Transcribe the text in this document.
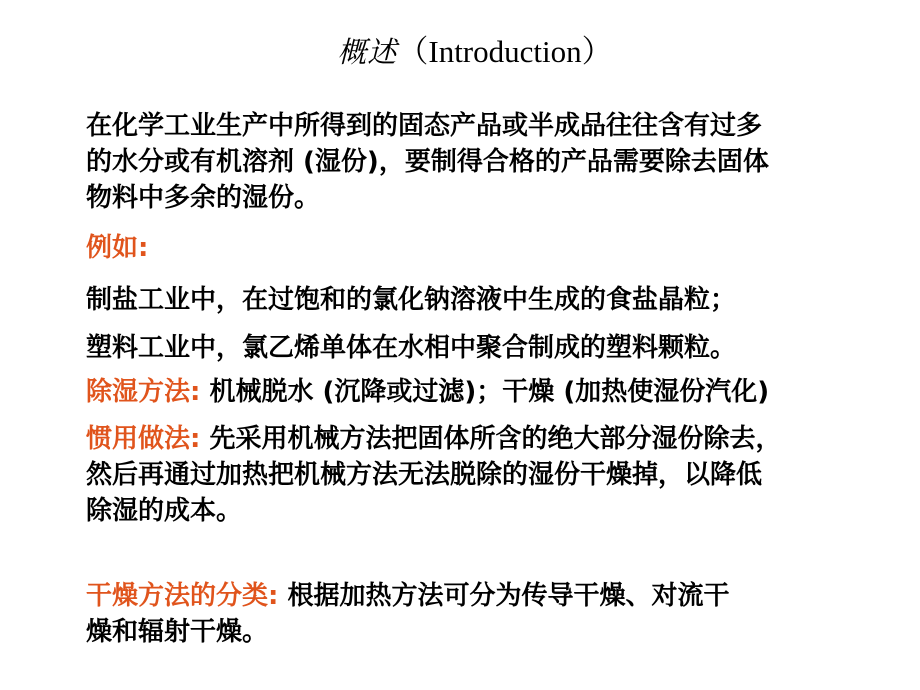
概述（Introduction）
在化学工业生产中所得到的固态产品或半成品往往含有过多
的水分或有机溶剂 (湿份)，要制得合格的产品需要除去固体
物料中多余的湿份。
例如:
制盐工业中，在过饱和的氯化钠溶液中生成的食盐晶粒；
塑料工业中，氯乙烯单体在水相中聚合制成的塑料颗粒。
除湿方法: 机械脱水 (沉降或过滤)；干燥 (加热使湿份汽化)
惯用做法: 先采用机械方法把固体所含的绝大部分湿份除去，
然后再通过加热把机械方法无法脱除的湿份干燥掉，以降低
除湿的成本。
干燥方法的分类: 根据加热方法可分为传导干燥、对流干
燥和辐射干燥。
